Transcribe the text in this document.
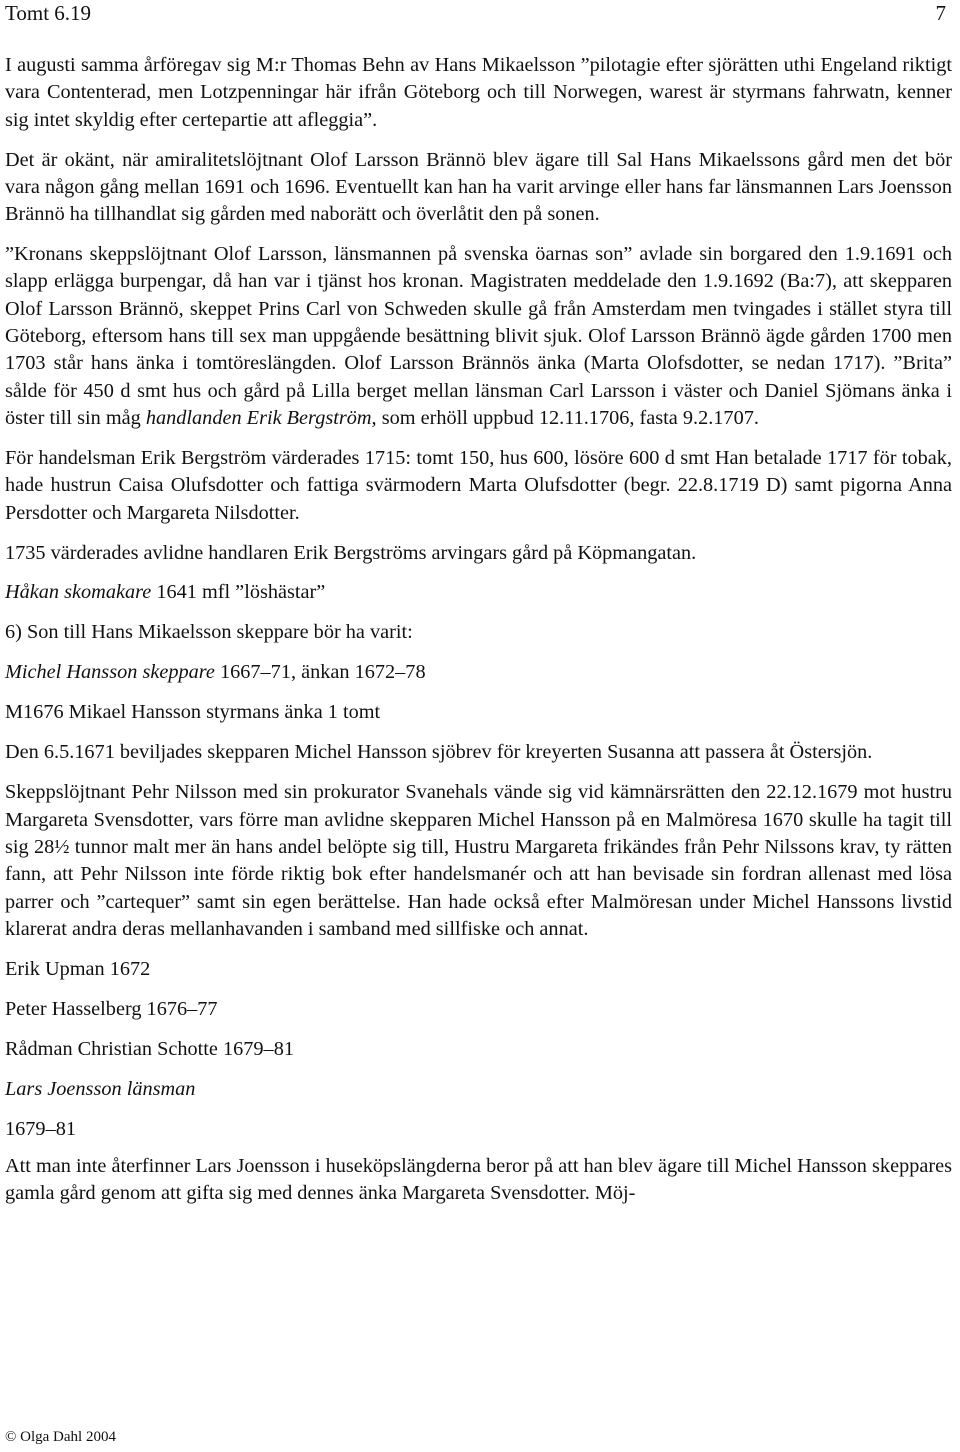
Tomt 6.19	7

I augusti samma årföregav sig M:r Thomas Behn av Hans Mikaelsson ”pilotagie efter sjörätten uthi Engeland riktigt vara Contenterad, men Lotzpenningar här ifrån Göteborg och till Norwegen, warest är styrmans fahrwatn, kenner sig intet skyldig efter certepartie att afleggia”.

Det är okänt, när amiralitetslöjtnant Olof Larsson Brännö blev ägare till Sal Hans Mikaelssons gård men det bör vara någon gång mellan 1691 och 1696. Eventuellt kan han ha varit arvinge eller hans far länsmannen Lars Joensson Brännö ha tillhandlat sig gården med naborätt och överlåtit den på sonen.

”Kronans skeppslöjtnant Olof Larsson, länsmannen på svenska öarnas son” avlade sin borgared den 1.9.1691 och slapp erlägga burpengar, då han var i tjänst hos kronan. Magistraten meddelade den 1.9.1692 (Ba:7), att skepparen Olof Larsson Brännö, skeppet Prins Carl von Schweden skulle gå från Amsterdam men tvingades i stället styra till Göteborg, eftersom hans till sex man uppgående besättning blivit sjuk. Olof Larsson Brännö ägde gården 1700 men 1703 står hans änka i tomtöreslängden. Olof Larsson Brännös änka (Marta Olofsdotter, se nedan 1717). ”Brita” sålde för 450 d smt hus och gård på Lilla berget mellan länsman Carl Larsson i väster och Daniel Sjömans änka i öster till sin måg handlanden Erik Bergström, som erhöll uppbud 12.11.1706, fasta 9.2.1707.

För handelsman Erik Bergström värderades 1715: tomt 150, hus 600, lösöre 600 d smt Han betalade 1717 för tobak, hade hustrun Caisa Olufsdotter och fattiga svärmodern Marta Olufsdotter (begr. 22.8.1719 D) samt pigorna Anna Persdotter och Margareta Nilsdotter.

1735 värderades avlidne handlaren Erik Bergströms arvingars gård på Köpmangatan.

Håkan skomakare 1641 mfl ”löshästar”

6) Son till Hans Mikaelsson skeppare bör ha varit:

Michel Hansson skeppare 1667–71, änkan 1672–78

M1676 Mikael Hansson styrmans änka 1 tomt

Den 6.5.1671 beviljades skepparen Michel Hansson sjöbrev för kreyerten Susanna att passera åt Östersjön.

Skeppslöjtnant Pehr Nilsson med sin prokurator Svanehals vände sig vid kämnärsrätten den 22.12.1679 mot hustru Margareta Svensdotter, vars förre man avlidne skepparen Michel Hansson på en Malmöresa 1670 skulle ha tagit till sig 28½ tunnor malt mer än hans andel belöpte sig till, Hustru Margareta frikändes från Pehr Nilssons krav, ty rätten fann, att Pehr Nilsson inte förde riktig bok efter handelsmanér och att han bevisade sin fordran allenast med lösa parrer och ”cartequer” samt sin egen berättelse. Han hade också efter Malmöresan under Michel Hanssons livstid klarerat andra deras mellanhavanden i samband med sillfiske och annat.

Erik Upman 1672

Peter Hasselberg 1676–77

Rådman Christian Schotte 1679–81

Lars Joensson länsman

1679–81

Att man inte återfinner Lars Joensson i huseköpslängderna beror på att han blev ägare till Michel Hansson skeppares gamla gård genom att gifta sig med dennes änka Margareta Svensdotter. Möj-

© Olga Dahl 2004
